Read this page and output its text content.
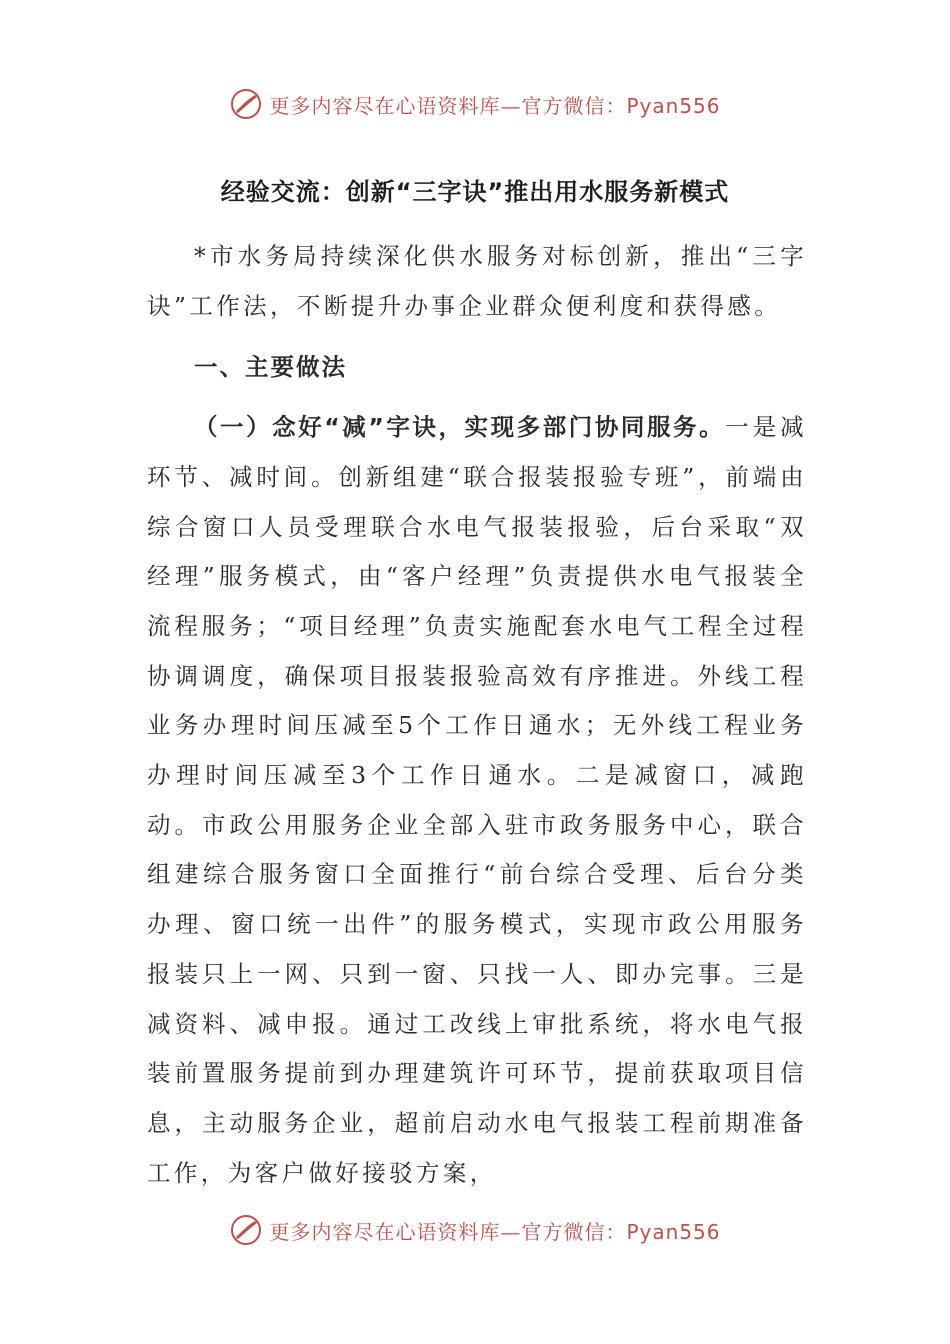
更多内容尽在心语资料库—官方微信：Pyan556
经验交流：创新“三字诀”推出用水服务新模式

*市水务局持续深化供水服务对标创新，推出“三字诀”工作法，不断提升办事企业群众便利度和获得感。

一、主要做法

（一）念好“减”字诀，实现多部门协同服务。一是减环节、减时间。创新组建“联合报装报验专班”，前端由综合窗口人员受理联合水电气报装报验，后台采取“双经理”服务模式，由“客户经理”负责提供水电气报装全流程服务；“项目经理”负责实施配套水电气工程全过程协调调度，确保项目报装报验高效有序推进。外线工程业务办理时间压减至5个工作日通水；无外线工程业务办理时间压减至3个工作日通水。二是减窗口，减跑动。市政公用服务企业全部入驻市政务服务中心，联合组建综合服务窗口全面推行“前台综合受理、后台分类办理、窗口统一出件”的服务模式，实现市政公用服务报装只上一网、只到一窗、只找一人、即办完事。三是减资料、减申报。通过工改线上审批系统，将水电气报装前置服务提前到办理建筑许可环节，提前获取项目信息，主动服务企业，超前启动水电气报装工程前期准备工作，为客户做好接驳方案，

更多内容尽在心语资料库—官方微信：Pyan556
